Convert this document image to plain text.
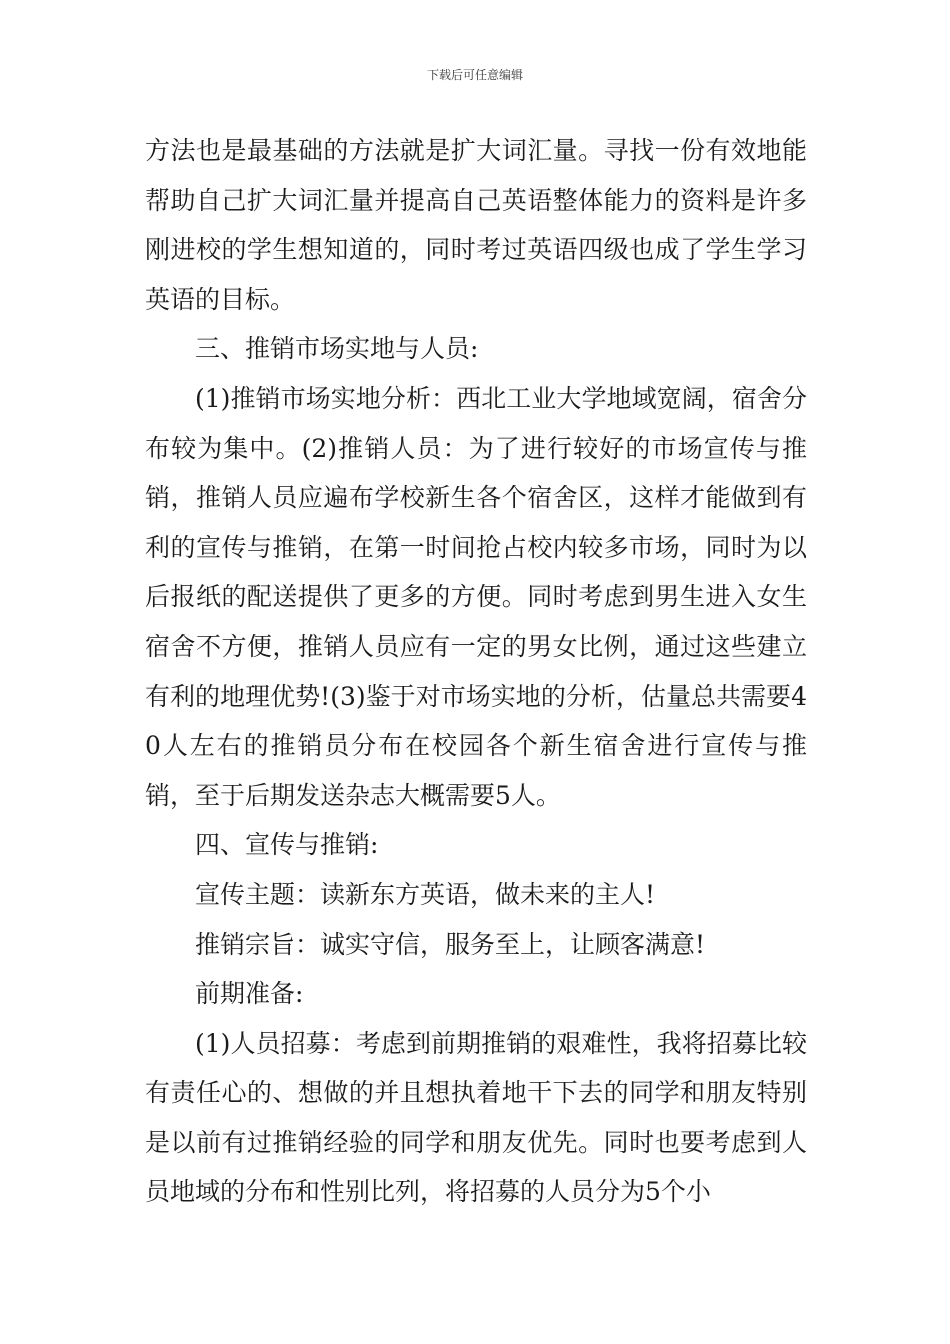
下载后可任意编辑

方法也是最基础的方法就是扩大词汇量。寻找一份有效地能帮助自己扩大词汇量并提高自己英语整体能力的资料是许多刚进校的学生想知道的，同时考过英语四级也成了学生学习英语的目标。

三、推销市场实地与人员:

(1)推销市场实地分析：西北工业大学地域宽阔，宿舍分布较为集中。(2)推销人员：为了进行较好的市场宣传与推销，推销人员应遍布学校新生各个宿舍区，这样才能做到有利的宣传与推销，在第一时间抢占校内较多市场，同时为以后报纸的配送提供了更多的方便。同时考虑到男生进入女生宿舍不方便，推销人员应有一定的男女比例，通过这些建立有利的地理优势!(3)鉴于对市场实地的分析，估量总共需要40人左右的推销员分布在校园各个新生宿舍进行宣传与推销，至于后期发送杂志大概需要5人。

四、宣传与推销:

宣传主题：读新东方英语，做未来的主人!

推销宗旨：诚实守信，服务至上，让顾客满意!

前期准备:

(1)人员招募：考虑到前期推销的艰难性，我将招募比较有责任心的、想做的并且想执着地干下去的同学和朋友特别是以前有过推销经验的同学和朋友优先。同时也要考虑到人员地域的分布和性别比列，将招募的人员分为5个小
